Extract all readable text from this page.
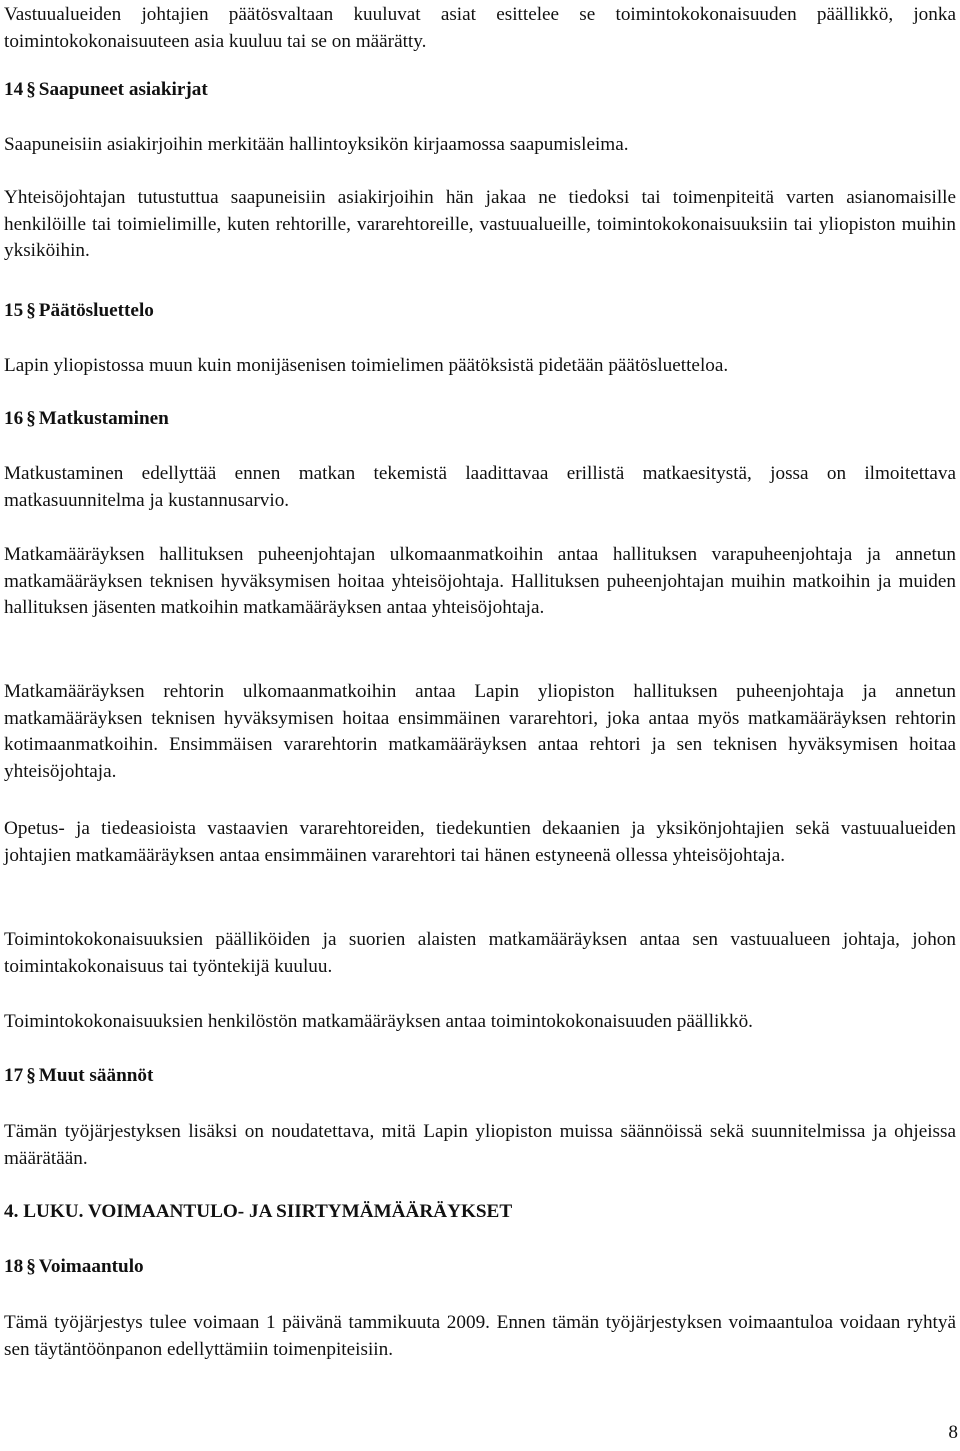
Vastuualueiden johtajien päätösvaltaan kuuluvat asiat esittelee se toimintokokonaisuuden päällikkö, jonka toimintokokonaisuuteen asia kuuluu tai se on määrätty.

14 § Saapuneet asiakirjat

Saapuneisiin asiakirjoihin merkitään hallintoyksikön kirjaamossa saapumisleima.

Yhteisöjohtajan tutustuttua saapuneisiin asiakirjoihin hän jakaa ne tiedoksi tai toimenpiteitä varten asianomaisille henkilöille tai toimielimille, kuten rehtorille, vararehtoreille, vastuualueille, toimintokokonaisuuksiin tai yliopiston muihin yksiköihin.

15 § Päätösluettelo

Lapin yliopistossa muun kuin monijäsenisen toimielimen päätöksistä pidetään päätösluetteloa.

16 § Matkustaminen

Matkustaminen edellyttää ennen matkan tekemistä laadittavaa erillistä matkaesitystä, jossa on ilmoitettava matkasuunnitelma ja kustannusarvio.

Matkamääräyksen hallituksen puheenjohtajan ulkomaanmatkoihin antaa hallituksen varapuheenjohtaja ja annetun matkamääräyksen teknisen hyväksymisen hoitaa yhteisöjohtaja. Hallituksen puheenjohtajan muihin matkoihin ja muiden hallituksen jäsenten matkoihin matkamääräyksen antaa yhteisöjohtaja.

Matkamääräyksen rehtorin ulkomaanmatkoihin antaa Lapin yliopiston hallituksen puheenjohtaja ja annetun matkamääräyksen teknisen hyväksymisen hoitaa ensimmäinen vararehtori, joka antaa myös matkamääräyksen rehtorin kotimaanmatkoihin. Ensimmäisen vararehtorin matkamääräyksen antaa rehtori ja sen teknisen hyväksymisen hoitaa yhteisöjohtaja.

Opetus- ja tiedeasioista vastaavien vararehtoreiden, tiedekuntien dekaanien ja yksikönjohtajien sekä vastuualueiden johtajien matkamääräyksen antaa ensimmäinen vararehtori tai hänen estyneenä ollessa yhteisöjohtaja.

Toimintokokonaisuuksien päälliköiden ja suorien alaisten matkamääräyksen antaa sen vastuualueen johtaja, johon toimintakokonaisuus tai työntekijä kuuluu.

Toimintokokonaisuuksien henkilöstön matkamääräyksen antaa toimintokokonaisuuden päällikkö.

17 § Muut säännöt

Tämän työjärjestyksen lisäksi on noudatettava, mitä Lapin yliopiston muissa säännöissä sekä suunnitelmissa ja ohjeissa määrätään.

4. LUKU. VOIMAANTULO- JA SIIRTYMÄMÄÄRÄYKSET
18 § Voimaantulo

Tämä työjärjestys tulee voimaan 1 päivänä tammikuuta 2009. Ennen tämän työjärjestyksen voimaantuloa voidaan ryhtyä sen täytäntöönpanon edellyttämiin toimenpiteisiin.

8
